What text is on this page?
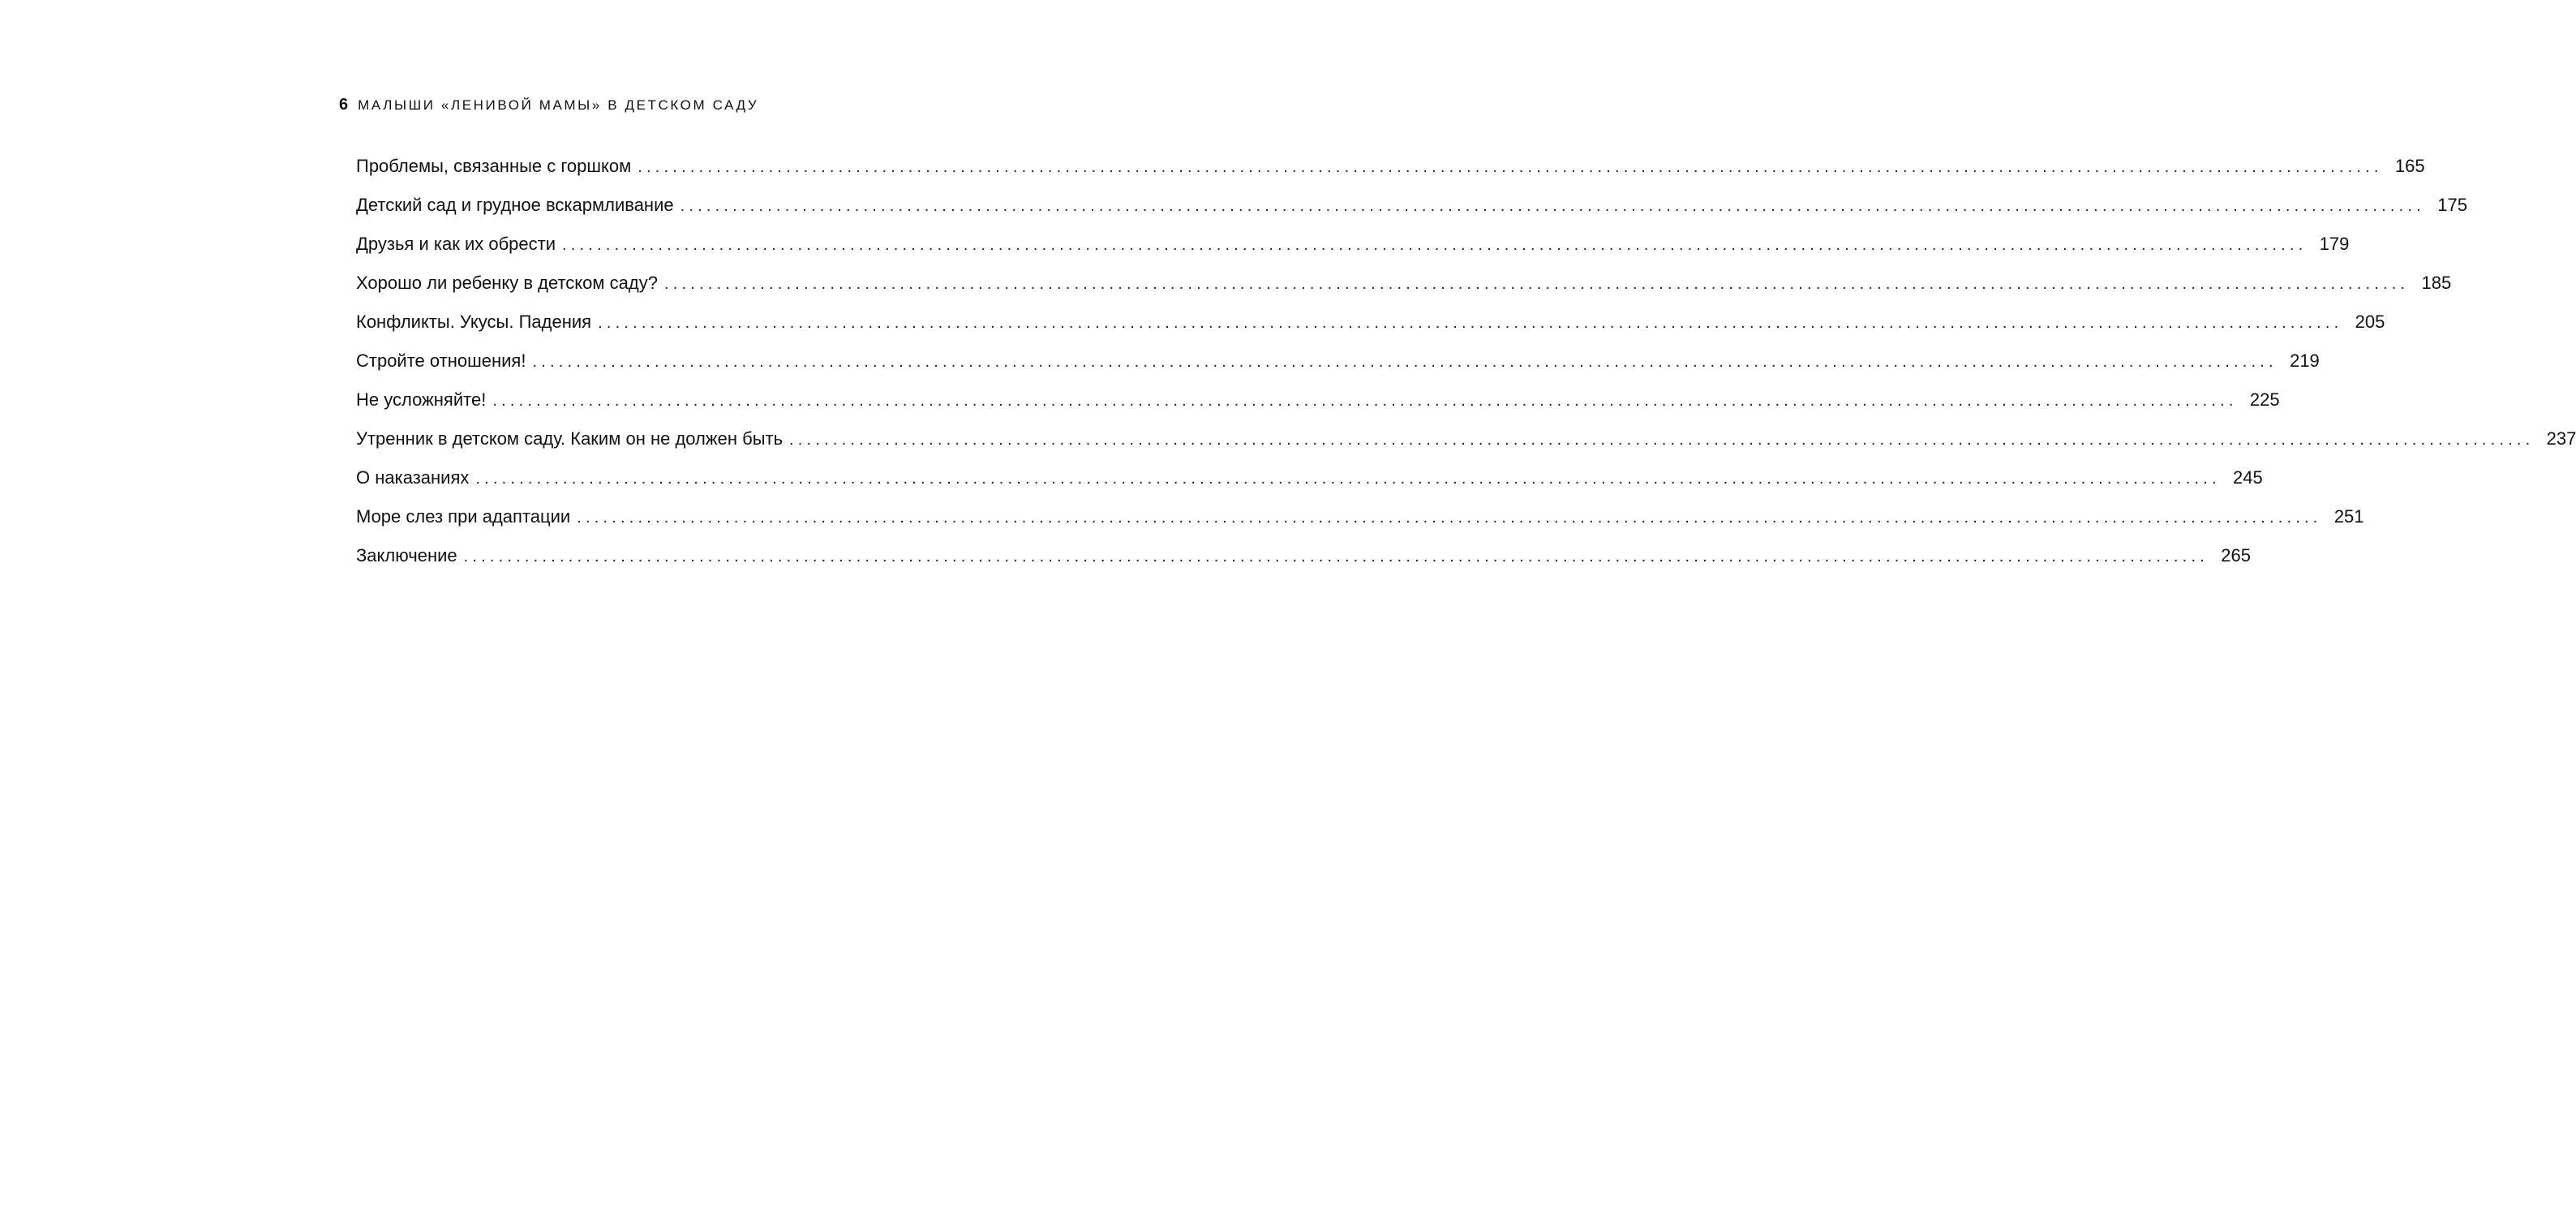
6 МАЛЫШИ «ЛЕНИВОЙ МАМЫ» В ДЕТСКОМ САДУ
Проблемы, связанные с горшком ........................................................................................................................................................................................................ 165
Детский сад и грудное вскармливание ........................................................................................................................................................................................................ 175
Друзья и как их обрести ........................................................................................................................................................................................................ 179
Хорошо ли ребенку в детском саду? ........................................................................................................................................................................................................ 185
Конфликты. Укусы. Падения ........................................................................................................................................................................................................ 205
Стройте отношения! ........................................................................................................................................................................................................ 219
Не усложняйте! ........................................................................................................................................................................................................ 225
Утренник в детском саду. Каким он не должен быть ........................................................................................................................................................................................................ 237
О наказаниях ........................................................................................................................................................................................................ 245
Море слез при адаптации ........................................................................................................................................................................................................ 251
Заключение ........................................................................................................................................................................................................ 265
